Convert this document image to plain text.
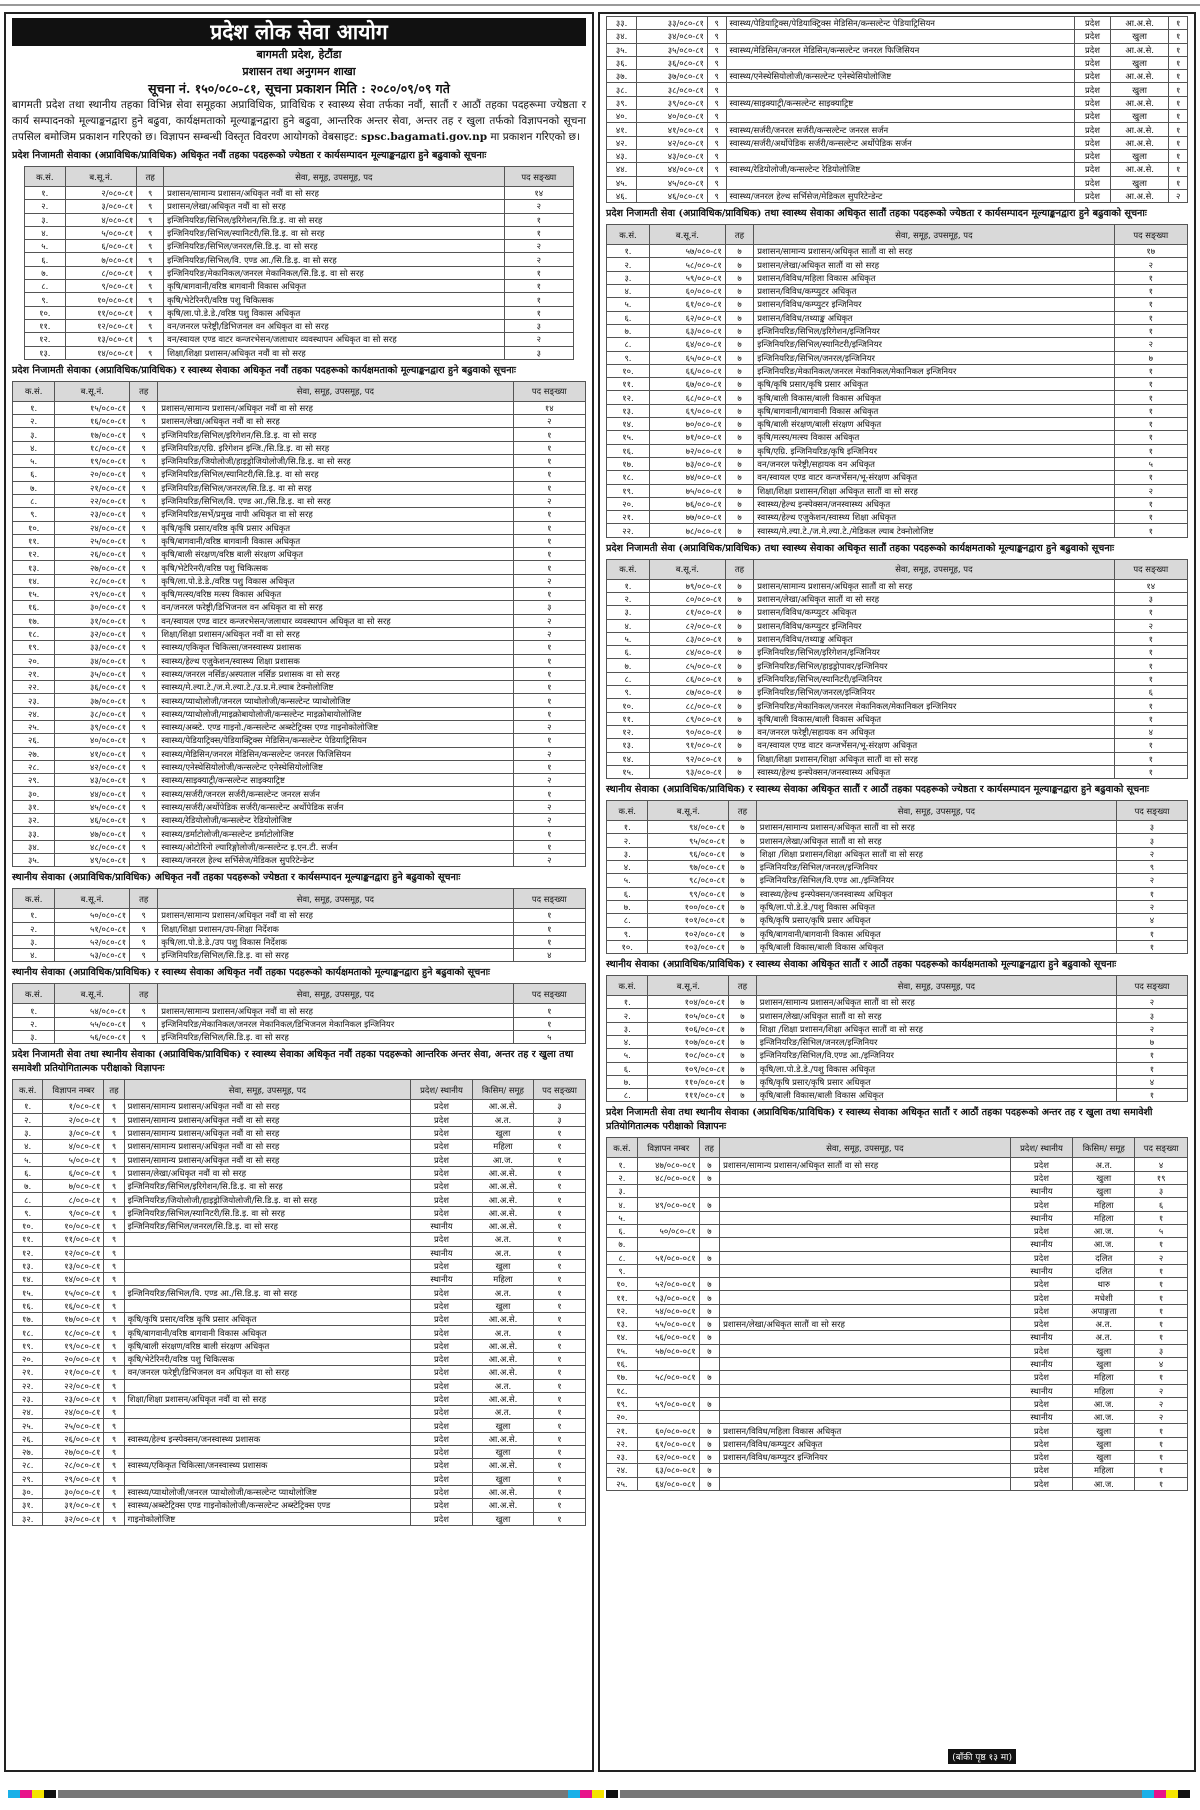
प्रदेश लोक सेवा आयोग
बागमती प्रदेश, हेटौंडा
प्रशासन तथा अनुगमन शाखा
सूचना नं. १५०/०८०-८१, सूचना प्रकाशन मिति : २०८०/०९/०९ गते

बागमती प्रदेश तथा स्थानीय तहका विभिन्न सेवा समूहका अप्राविधिक, प्राविधिक र स्वास्थ्य सेवा तर्फका नवौं, सातौं र आठौं तहका पदहरूमा ज्येष्ठता र कार्य सम्पादनको मूल्याङ्कनद्वारा हुने बढुवा, कार्यक्षमताको मूल्याङ्कनद्वारा हुने बढुवा, आन्तरिक अन्तर सेवा, अन्तर तह र खुला तर्फको विज्ञापनको सूचना तपसिल बमोजिम प्रकाशन गरिएको छ। विज्ञापन सम्बन्धी विस्तृत विवरण आयोगको वेबसाइट: spsc.bagamati.gov.np मा प्रकाशन गरिएको छ।

प्रदेश निजामती सेवाका (अप्राविधिक/प्राविधिक) अधिकृत नवौं तहका पदहरूको ज्येष्ठता र कार्यसम्पादन मूल्याङ्कनद्वारा हुने बढुवाको सूचनाः
क.सं.	ब.सू.नं.	तह	सेवा, समूह, उपसमूह, पद	पद सङ्ख्या
१.	२/०८०-८१	९	प्रशासन/सामान्य प्रशासन/अधिकृत नवौं वा सो सरह	१४
२.	३/०८०-८१	९	प्रशासन/लेखा/अधिकृत नवौं वा सो सरह	२
३.	४/०८०-८१	९	इन्जिनियरिङ/सिभिल/इरिगेशन/सि.डि.इ. वा सो सरह	१
४.	५/०८०-८१	९	इन्जिनियरिङ/सिभिल/स्यानिटरी/सि.डि.इ. वा सो सरह	१
५.	६/०८०-८१	९	इन्जिनियरिङ/सिभिल/जनरल/सि.डि.इ. वा सो सरह	२
६.	७/०८०-८१	९	इन्जिनियरिङ/सिभिल/वि. एण्ड आ./सि.डि.इ. वा सो सरह	२
७.	८/०८०-८१	९	इन्जिनियरिङ/मेकानिकल/जनरल मेकानिकल/सि.डि.इ. वा सो सरह	१
८.	९/०८०-८१	९	कृषि/बागवानी/वरिष्ठ बागवानी विकास अधिकृत	१
९.	१०/०८०-८१	९	कृषि/भेटेरिनरी/वरिष्ठ पशु चिकित्सक	१
१०.	११/०८०-८१	९	कृषि/ला.पो.डे.डे./वरिष्ठ पशु विकास अधिकृत	१
११.	१२/०८०-८१	९	वन/जनरल फरेष्ट्री/डिभिजनल वन अधिकृत वा सो सरह	३
१२.	१३/०८०-८१	९	वन/स्वायल एण्ड वाटर कन्जरभेसन/जलाधार व्यवस्थापन अधिकृत वा सो सरह	२
१३.	१४/०८०-८१	९	शिक्षा/शिक्षा प्रशासन/अधिकृत नवौं वा सो सरह	३
प्रदेश निजामती सेवाका (अप्राविधिक/प्राविधिक) र स्वास्थ्य सेवाका अधिकृत नवौं तहका पदहरूको कार्यक्षमताको मूल्याङ्कनद्वारा हुने बढुवाको सूचनाः
क.सं.	ब.सू.नं.	तह	सेवा, समूह, उपसमूह, पद	पद सङ्ख्या
१.	१५/०८०-८१	९	प्रशासन/सामान्य प्रशासन/अधिकृत नवौं वा सो सरह	१४
२.	१६/०८०-८१	९	प्रशासन/लेखा/अधिकृत नवौं वा सो सरह	२
३.	१७/०८०-८१	९	इन्जिनियरिङ/सिभिल/इरिगेशन/सि.डि.इ. वा सो सरह	१
४.	१८/०८०-८१	९	इन्जिनियरिङ/एग्रि. इरिगेशन इन्जि./सि.डि.इ. वा सो सरह	१
५.	१९/०८०-८१	९	इन्जिनियरिङ/जियोलोजी/हाइड्रोजियोलोजी/सि.डि.इ. वा सो सरह	१
६.	२०/०८०-८१	९	इन्जिनियरिङ/सिभिल/स्यानिटरी/सि.डि.इ. वा सो सरह	१
७.	२१/०८०-८१	९	इन्जिनियरिङ/सिभिल/जनरल/सि.डि.इ. वा सो सरह	१
८.	२२/०८०-८१	९	इन्जिनियरिङ/सिभिल/वि. एण्ड आ./सि.डि.इ. वा सो सरह	२
९.	२३/०८०-८१	९	इन्जिनियरिङ/सर्भे/प्रमुख नापी अधिकृत वा सो सरह	१
१०.	२४/०८०-८१	९	कृषि/कृषि प्रसार/वरिष्ठ कृषि प्रसार अधिकृत	१
११.	२५/०८०-८१	९	कृषि/बागवानी/वरिष्ठ बागवानी विकास अधिकृत	१
१२.	२६/०८०-८१	९	कृषि/बाली संरक्षण/वरिष्ठ बाली संरक्षण अधिकृत	१
१३.	२७/०८०-८१	९	कृषि/भेटेरिनरी/वरिष्ठ पशु चिकित्सक	१
१४.	२८/०८०-८१	९	कृषि/ला.पो.डे.डे./वरिष्ठ पशु विकास अधिकृत	२
१५.	२९/०८०-८१	९	कृषि/मत्स्य/वरिष्ठ मत्स्य विकास अधिकृत	१
१६.	३०/०८०-८१	९	वन/जनरल फरेष्ट्री/डिभिजनल वन अधिकृत वा सो सरह	३
१७.	३१/०८०-८१	९	वन/स्वायल एण्ड वाटर कन्जरभेसन/जलाधार व्यवस्थापन अधिकृत वा सो सरह	२
१८.	३२/०८०-८१	९	शिक्षा/शिक्षा प्रशासन/अधिकृत नवौं वा सो सरह	२
१९.	३३/०८०-८१	९	स्वास्थ्य/एकिकृत चिकित्सा/जनस्वास्थ्य प्रशासक	१
२०.	३४/०८०-८१	९	स्वास्थ्य/हेल्थ एजुकेशन/स्वास्थ्य शिक्षा प्रशासक	१
२१.	३५/०८०-८१	९	स्वास्थ्य/जनरल नर्सिङ/अस्पताल नर्सिङ प्रशासक वा सो सरह	१
२२.	३६/०८०-८१	९	स्वास्थ्य/मे.ल्या.टे./ज.मे.ल्या.टे./उ.प्र.मे.ल्याब टेक्नोलोजिष्ट	१
२३.	३७/०८०-८१	९	स्वास्थ्य/प्याथोलोजी/जनरल प्याथोलोजी/कन्सल्टेन्ट प्याथोलोजिष्ट	१
२४.	३८/०८०-८१	९	स्वास्थ्य/प्याथोलोजी/माइक्रोबायोलोजी/कन्सल्टेन्ट माइक्रोबायोलोजिष्ट	१
२५.	३९/०८०-८१	९	स्वास्थ्य/अब्स्टे. एण्ड गाइनो./कन्सल्टेन्ट अब्स्टेट्रिक्स एण्ड गाइनोकोलोजिष्ट	२
२६.	४०/०८०-८१	९	स्वास्थ्य/पेडियाट्रिक्स/पेडियाक्ट्रिक्स मेडिसिन/कन्सल्टेन्ट पेडियाट्रिसियन	१
२७.	४१/०८०-८१	९	स्वास्थ्य/मेडिसिन/जनरल मेडिसिन/कन्सल्टेन्ट जनरल फिजिसियन	२
२८.	४२/०८०-८१	९	स्वास्थ्य/एनेस्थेसियोलोजी/कन्सल्टेन्ट एनेस्थेसियोलोजिष्ट	१
२९.	४३/०८०-८१	९	स्वास्थ्य/साइक्याट्री/कन्सल्टेन्ट साइक्याट्रिष्ट	२
३०.	४४/०८०-८१	९	स्वास्थ्य/सर्जरी/जनरल सर्जरी/कन्सल्टेन्ट जनरल सर्जन	१
३१.	४५/०८०-८१	९	स्वास्थ्य/सर्जरी/अर्थोपेडिक सर्जरी/कन्सल्टेन्ट अर्थोपेडिक सर्जन	२
३२.	४६/०८०-८१	९	स्वास्थ्य/रेडियोलोजी/कन्सल्टेन्ट रेडियोलोजिष्ट	२
३३.	४७/०८०-८१	९	स्वास्थ्य/डर्माटोलोजी/कन्सल्टेन्ट डर्माटोलोजिष्ट	१
३४.	४८/०८०-८१	९	स्वास्थ्य/ओटोरिनो ल्यारिङ्गोलोजी/कन्सल्टेन्ट इ.एन.टी. सर्जन	१
३५.	४९/०८०-८१	९	स्वास्थ्य/जनरल हेल्थ सर्भिसेज/मेडिकल सुपरिटेन्डेन्ट	२
स्थानीय सेवाका (अप्राविधिक/प्राविधिक) अधिकृत नवौं तहका पदहरूको ज्येष्ठता र कार्यसम्पादन मूल्याङ्कनद्वारा हुने बढुवाको सूचनाः
क.सं.	ब.सू.नं.	तह	सेवा, समूह, उपसमूह, पद	पद सङ्ख्या
१.	५०/०८०-८१	९	प्रशासन/सामान्य प्रशासन/अधिकृत नवौं वा सो सरह	१
२.	५१/०८०-८१	९	शिक्षा/शिक्षा प्रशासन/उप-शिक्षा निर्देशक	१
३.	५२/०८०-८१	९	कृषि/ला.पो.डे.डे./उप पशु विकास निर्देशक	१
४.	५३/०८०-८१	९	इन्जिनियरिङ/सिभिल/सि.डि.इ. वा सो सरह	४
स्थानीय सेवाका (अप्राविधिक/प्राविधिक) र स्वास्थ्य सेवाका अधिकृत नवौं तहका पदहरूको कार्यक्षमताको मूल्याङ्कनद्वारा हुने बढुवाको सूचनाः
क.सं.	ब.सू.नं.	तह	सेवा, समूह, उपसमूह, पद	पद सङ्ख्या
१.	५४/०८०-८१	९	प्रशासन/सामान्य प्रशासन/अधिकृत नवौं वा सो सरह	१
२.	५५/०८०-८१	९	इन्जिनियरिङ/मेकानिकल/जनरल मेकानिकल/डिभिजनल मेकानिकल इन्जिनियर	१
३.	५६/०८०-८१	९	इन्जिनियरिङ/सिभिल/सि.डि.इ. वा सो सरह	५
प्रदेश निजामती सेवा तथा स्थानीय सेवाका (अप्राविधिक/प्राविधिक) र स्वास्थ्य सेवाका अधिकृत नवौं तहका पदहरूको आन्तरिक अन्तर सेवा, अन्तर तह र खुला तथा समावेशी प्रतियोगितात्मक परीक्षाको विज्ञापनः
क.सं.	विज्ञापन नम्बर	तह	सेवा, समूह, उपसमूह, पद	प्रदेश/ स्थानीय	किसिम/ समूह	पद सङ्ख्या
१.	१/०८०-८१	९	प्रशासन/सामान्य प्रशासन/अधिकृत नवौं वा सो सरह	प्रदेश	आ.अ.से.	३
२.	२/०८०-८१	९	प्रशासन/सामान्य प्रशासन/अधिकृत नवौं वा सो सरह	प्रदेश	अ.त.	३
३.	३/०८०-८१	९	प्रशासन/सामान्य प्रशासन/अधिकृत नवौं वा सो सरह	प्रदेश	खुला	१
४.	४/०८०-८१	९	प्रशासन/सामान्य प्रशासन/अधिकृत नवौं वा सो सरह	प्रदेश	महिला	१
५.	५/०८०-८१	९	प्रशासन/सामान्य प्रशासन/अधिकृत नवौं वा सो सरह	प्रदेश	आ.ज.	१
६.	६/०८०-८१	९	प्रशासन/लेखा/अधिकृत नवौं वा सो सरह	प्रदेश	आ.अ.से.	१
७.	७/०८०-८१	९	इन्जिनियरिङ/सिभिल/इरिगेशन/सि.डि.इ. वा सो सरह	प्रदेश	आ.अ.से.	१
८.	८/०८०-८१	९	इन्जिनियरिङ/जियोलोजी/हाइड्रोजियोलोजी/सि.डि.इ. वा सो सरह	प्रदेश	आ.अ.से.	१
९.	९/०८०-८१	९	इन्जिनियरिङ/सिभिल/स्यानिटरी/सि.डि.इ. वा सो सरह	प्रदेश	आ.अ.से.	१
१०.	१०/०८०-८१	९	इन्जिनियरिङ/सिभिल/जनरल/सि.डि.इ. वा सो सरह	स्थानीय	आ.अ.से.	१
११.	११/०८०-८१	९		प्रदेश	अ.त.	१
१२.	१२/०८०-८१	९		स्थानीय	अ.त.	१
१३.	१३/०८०-८१	९		प्रदेश	खुला	१
१४.	१४/०८०-८१	९		स्थानीय	महिला	१
१५.	१५/०८०-८१	९	इन्जिनियरिङ/सिभिल/वि. एण्ड आ./सि.डि.इ. वा सो सरह	प्रदेश	अ.त.	१
१६.	१६/०८०-८१	९		प्रदेश	खुला	१
१७.	१७/०८०-८१	९	कृषि/कृषि प्रसार/वरिष्ठ कृषि प्रसार अधिकृत	प्रदेश	आ.अ.से.	१
१८.	१८/०८०-८१	९	कृषि/बागवानी/वरिष्ठ बागवानी विकास अधिकृत	प्रदेश	अ.त.	१
१९.	१९/०८०-८१	९	कृषि/बाली संरक्षण/वरिष्ठ बाली संरक्षण अधिकृत	प्रदेश	आ.अ.से.	१
२०.	२०/०८०-८१	९	कृषि/भेटेरिनरी/वरिष्ठ पशु चिकित्सक	प्रदेश	आ.अ.से.	१
२१.	२१/०८०-८१	९	वन/जनरल फरेष्ट्री/डिभिजनल वन अधिकृत वा सो सरह	प्रदेश	आ.अ.से.	१
२२.	२२/०८०-८१	९		प्रदेश	अ.त.	१
२३.	२३/०८०-८१	९	शिक्षा/शिक्षा प्रशासन/अधिकृत नवौं वा सो सरह	प्रदेश	आ.अ.से.	१
२४.	२४/०८०-८१	९		प्रदेश	अ.त.	१
२५.	२५/०८०-८१	९		प्रदेश	खुला	१
२६.	२६/०८०-८१	९	स्वास्थ्य/हेल्थ इन्स्पेक्सन/जनस्वास्थ्य प्रशासक	प्रदेश	आ.अ.से.	१
२७.	२७/०८०-८१	९		प्रदेश	खुला	१
२८.	२८/०८०-८१	९	स्वास्थ्य/एकिकृत चिकित्सा/जनस्वास्थ्य प्रशासक	प्रदेश	आ.अ.से.	१
२९.	२९/०८०-८१	९		प्रदेश	खुला	१
३०.	३०/०८०-८१	९	स्वास्थ्य/प्याथोलोजी/जनरल प्याथोलोजी/कन्सल्टेन्ट प्याथोलोजिष्ट	प्रदेश	आ.अ.से.	१
३१.	३१/०८०-८१	९	स्वास्थ्य/अब्स्टेट्रिक्स एण्ड गाइनोकोलोजी/कन्सल्टेन्ट अब्स्टेट्रिक्स एण्ड	प्रदेश	आ.अ.से.	१
३२.	३२/०८०-८१	९	गाइनोकोलोजिष्ट	प्रदेश	खुला	१
३३.	३३/०८०-८१	९	स्वास्थ्य/पेडियाट्रिक्स/पेडियाक्ट्रिक्स मेडिसिन/कन्सल्टेन्ट पेडियाट्रिसियन	प्रदेश	आ.अ.से.	१
३४.	३४/०८०-८१	९		प्रदेश	खुला	१
३५.	३५/०८०-८१	९	स्वास्थ्य/मेडिसिन/जनरल मेडिसिन/कन्सल्टेन्ट जनरल फिजिसियन	प्रदेश	आ.अ.से.	१
३६.	३६/०८०-८१	९		प्रदेश	खुला	१
३७.	३७/०८०-८१	९	स्वास्थ्य/एनेस्थेसियोलोजी/कन्सल्टेन्ट एनेस्थेसियोलोजिष्ट	प्रदेश	आ.अ.से.	१
३८.	३८/०८०-८१	९		प्रदेश	खुला	१
३९.	३९/०८०-८१	९	स्वास्थ्य/साइक्याट्री/कन्सल्टेन्ट साइक्याट्रिष्ट	प्रदेश	आ.अ.से.	१
४०.	४०/०८०-८१	९		प्रदेश	खुला	१
४१.	४१/०८०-८१	९	स्वास्थ्य/सर्जरी/जनरल सर्जरी/कन्सल्टेन्ट जनरल सर्जन	प्रदेश	आ.अ.से.	१
४२.	४२/०८०-८१	९	स्वास्थ्य/सर्जरी/अर्थोपेडिक सर्जरी/कन्सल्टेन्ट अर्थोपेडिक सर्जन	प्रदेश	आ.अ.से.	१
४३.	४३/०८०-८१	९		प्रदेश	खुला	१
४४.	४४/०८०-८१	९	स्वास्थ्य/रेडियोलोजी/कन्सल्टेन्ट रेडियोलोजिष्ट	प्रदेश	आ.अ.से.	१
४५.	४५/०८०-८१	९		प्रदेश	खुला	१
४६.	४६/०८०-८१	९	स्वास्थ्य/जनरल हेल्थ सर्भिसेज/मेडिकल सुपरिटेन्डेन्ट	प्रदेश	आ.अ.से.	२
प्रदेश निजामती सेवा (अप्राविधिक/प्राविधिक) तथा स्वास्थ्य सेवाका अधिकृत सातौं तहका पदहरूको ज्येष्ठता र कार्यसम्पादन मूल्याङ्कनद्वारा हुने बढुवाको सूचनाः
क.सं.	ब.सू.नं.	तह	सेवा, समूह, उपसमूह, पद	पद सङ्ख्या
१.	५७/०८०-८१	७	प्रशासन/सामान्य प्रशासन/अधिकृत सातौं वा सो सरह	१७
२.	५८/०८०-८१	७	प्रशासन/लेखा/अधिकृत सातौं वा सो सरह	२
३.	५९/०८०-८१	७	प्रशासन/विविध/महिला विकास अधिकृत	१
४.	६०/०८०-८१	७	प्रशासन/विविध/कम्प्युटर अधिकृत	१
५.	६१/०८०-८१	७	प्रशासन/विविध/कम्प्युटर इन्जिनियर	१
६.	६२/०८०-८१	७	प्रशासन/विविध/तथ्याङ्क अधिकृत	१
७.	६३/०८०-८१	७	इन्जिनियरिङ/सिभिल/इरिगेशन/इन्जिनियर	१
८.	६४/०८०-८१	७	इन्जिनियरिङ/सिभिल/स्यानिटरी/इन्जिनियर	२
९.	६५/०८०-८१	७	इन्जिनियरिङ/सिभिल/जनरल/इन्जिनियर	७
१०.	६६/०८०-८१	७	इन्जिनियरिङ/मेकानिकल/जनरल मेकानिकल/मेकानिकल इन्जिनियर	१
११.	६७/०८०-८१	७	कृषि/कृषि प्रसार/कृषि प्रसार अधिकृत	१
१२.	६८/०८०-८१	७	कृषि/बाली विकास/बाली विकास अधिकृत	१
१३.	६९/०८०-८१	७	कृषि/बागवानी/बागवानी विकास अधिकृत	१
१४.	७०/०८०-८१	७	कृषि/बाली संरक्षण/बाली संरक्षण अधिकृत	१
१५.	७१/०८०-८१	७	कृषि/मत्स्य/मत्स्य विकास अधिकृत	१
१६.	७२/०८०-८१	७	कृषि/एग्रि. इन्जिनियरिङ/कृषि इन्जिनियर	१
१७.	७३/०८०-८१	७	वन/जनरल फरेष्ट्री/सहायक वन अधिकृत	५
१८.	७४/०८०-८१	७	वन/स्वायल एण्ड वाटर कन्जर्भेसन/भू-संरक्षण अधिकृत	१
१९.	७५/०८०-८१	७	शिक्षा/शिक्षा प्रशासन/शिक्षा अधिकृत सातौं वा सो सरह	२
२०.	७६/०८०-८१	७	स्वास्थ्य/हेल्थ इन्स्पेक्सन/जनस्वास्थ्य अधिकृत	१
२१.	७७/०८०-८१	७	स्वास्थ्य/हेल्थ एजुकेशन/स्वास्थ्य शिक्षा अधिकृत	१
२२.	७८/०८०-८१	७	स्वास्थ्य/मे.ल्या.टे./ज.मे.ल्या.टे./मेडिकल ल्याब टेक्नोलोजिष्ट	१
प्रदेश निजामती सेवा (अप्राविधिक/प्राविधिक) तथा स्वास्थ्य सेवाका अधिकृत सातौं तहका पदहरूको कार्यक्षमताको मूल्याङ्कनद्वारा हुने बढुवाको सूचनाः
क.सं.	ब.सू.नं.	तह	सेवा, समूह, उपसमूह, पद	पद सङ्ख्या
१.	७९/०८०-८१	७	प्रशासन/सामान्य प्रशासन/अधिकृत सातौं वा सो सरह	१४
२.	८०/०८०-८१	७	प्रशासन/लेखा/अधिकृत सातौं वा सो सरह	३
३.	८१/०८०-८१	७	प्रशासन/विविध/कम्प्युटर अधिकृत	१
४.	८२/०८०-८१	७	प्रशासन/विविध/कम्प्युटर इन्जिनियर	२
५.	८३/०८०-८१	७	प्रशासन/विविध/तथ्याङ्क अधिकृत	१
६.	८४/०८०-८१	७	इन्जिनियरिङ/सिभिल/इरिगेशन/इन्जिनियर	१
७.	८५/०८०-८१	७	इन्जिनियरिङ/सिभिल/हाइड्रोपावर/इन्जिनियर	१
८.	८६/०८०-८१	७	इन्जिनियरिङ/सिभिल/स्यानिटरी/इन्जिनियर	१
९.	८७/०८०-८१	७	इन्जिनियरिङ/सिभिल/जनरल/इन्जिनियर	६
१०.	८८/०८०-८१	७	इन्जिनियरिङ/मेकानिकल/जनरल मेकानिकल/मेकानिकल इन्जिनियर	१
११.	८९/०८०-८१	७	कृषि/बाली विकास/बाली विकास अधिकृत	१
१२.	९०/०८०-८१	७	वन/जनरल फरेष्ट्री/सहायक वन अधिकृत	४
१३.	९१/०८०-८१	७	वन/स्वायल एण्ड वाटर कन्जर्भेसन/भू-संरक्षण अधिकृत	१
१४.	९२/०८०-८१	७	शिक्षा/शिक्षा प्रशासन/शिक्षा अधिकृत सातौं वा सो सरह	१
१५.	९३/०८०-८१	७	स्वास्थ्य/हेल्थ इन्स्पेक्सन/जनस्वास्थ्य अधिकृत	१
स्थानीय सेवाका (अप्राविधिक/प्राविधिक) र स्वास्थ्य सेवाका अधिकृत सातौं र आठौं तहका पदहरूको ज्येष्ठता र कार्यसम्पादन मूल्याङ्कनद्वारा हुने बढुवाको सूचनाः
क.सं.	ब.सू.नं.	तह	सेवा, समूह, उपसमूह, पद	पद सङ्ख्या
१.	९४/०८०-८१	७	प्रशासन/सामान्य प्रशासन/अधिकृत सातौं वा सो सरह	३
२.	९५/०८०-८१	७	प्रशासन/लेखा/अधिकृत सातौं वा सो सरह	३
३.	९६/०८०-८१	७	शिक्षा /शिक्षा प्रशासन/शिक्षा अधिकृत सातौं वा सो सरह	२
४.	९७/०८०-८१	७	इन्जिनियरिङ/सिभिल/जनरल/इन्जिनियर	९
५.	९८/०८०-८१	७	इन्जिनियरिङ/सिभिल/वि.एण्ड आ./इन्जिनियर	२
६.	९९/०८०-८१	७	स्वास्थ्य/हेल्थ इन्स्पेक्सन/जनस्वास्थ्य अधिकृत	१
७.	१००/०८०-८१	७	कृषि/ला.पो.डे.डे./पशु विकास अधिकृत	२
८.	१०१/०८०-८१	७	कृषि/कृषि प्रसार/कृषि प्रसार अधिकृत	४
९.	१०२/०८०-८१	७	कृषि/बागवानी/बागवानी विकास अधिकृत	१
१०.	१०३/०८०-८१	७	कृषि/बाली विकास/बाली विकास अधिकृत	१
स्थानीय सेवाका (अप्राविधिक/प्राविधिक) र स्वास्थ्य सेवाका अधिकृत सातौं र आठौं तहका पदहरूको कार्यक्षमताको मूल्याङ्कनद्वारा हुने बढुवाको सूचनाः
क.सं.	ब.सू.नं.	तह	सेवा, समूह, उपसमूह, पद	पद सङ्ख्या
१.	१०४/०८०-८१	७	प्रशासन/सामान्य प्रशासन/अधिकृत सातौं वा सो सरह	२
२.	१०५/०८०-८१	७	प्रशासन/लेखा/अधिकृत सातौं वा सो सरह	३
३.	१०६/०८०-८१	७	शिक्षा /शिक्षा प्रशासन/शिक्षा अधिकृत सातौं वा सो सरह	२
४.	१०७/०८०-८१	७	इन्जिनियरिङ/सिभिल/जनरल/इन्जिनियर	७
५.	१०८/०८०-८१	७	इन्जिनियरिङ/सिभिल/वि.एण्ड आ./इन्जिनियर	१
६.	१०९/०८०-८१	७	कृषि/ला.पो.डे.डे./पशु विकास अधिकृत	१
७.	११०/०८०-८१	७	कृषि/कृषि प्रसार/कृषि प्रसार अधिकृत	४
८.	१११/०८०-८१	७	कृषि/बाली विकास/बाली विकास अधिकृत	१
प्रदेश निजामती सेवा तथा स्थानीय सेवाका (अप्राविधिक/प्राविधिक) र स्वास्थ्य सेवाका अधिकृत सातौं र आठौं तहका पदहरूको अन्तर तह र खुला तथा समावेशी प्रतियोगितात्मक परीक्षाको विज्ञापनः
क.सं.	विज्ञापन नम्बर	तह	सेवा, समूह, उपसमूह, पद	प्रदेश/ स्थानीय	किसिम/ समूह	पद सङ्ख्या
१.	४७/०८०-०८१	७	प्रशासन/सामान्य प्रशासन/अधिकृत सातौं वा सो सरह	प्रदेश	अ.त.	४
२.	४८/०८०-०८१	७		प्रदेश	खुला	१९
३.				स्थानीय	खुला	३
४.	४९/०८०-०८१	७		प्रदेश	महिला	६
५.				स्थानीय	महिला	१
६.	५०/०८०-८१	७		प्रदेश	आ.ज.	५
७.				स्थानीय	आ.ज.	१
८.	५१/०८०-०८१	७		प्रदेश	दलित	२
९.				स्थानीय	दलित	१
१०.	५२/०८०-०८१	७		प्रदेश	थारु	१
११.	५३/०८०-०८१	७		प्रदेश	मधेशी	१
१२.	५४/०८०-०८१	७		प्रदेश	अपाङ्गता	१
१३.	५५/०८०-०८१	७	प्रशासन/लेखा/अधिकृत सातौं वा सो सरह	प्रदेश	अ.त.	१
१४.	५६/०८०-०८१	७		स्थानीय	अ.त.	१
१५.	५७/०८०-०८१	७		प्रदेश	खुला	३
१६.				स्थानीय	खुला	४
१७.	५८/०८०-०८१	७		प्रदेश	महिला	१
१८.				स्थानीय	महिला	२
१९.	५९/०८०-०८१	७		प्रदेश	आ.ज.	२
२०.				स्थानीय	आ.ज.	२
२१.	६०/०८०-०८१	७	प्रशासन/विविध/महिला विकास अधिकृत	प्रदेश	खुला	१
२२.	६१/०८०-०८१	७	प्रशासन/विविध/कम्प्युटर अधिकृत	प्रदेश	खुला	१
२३.	६२/०८०-०८१	७	प्रशासन/विविध/कम्प्युटर इन्जिनियर	प्रदेश	खुला	१
२४.	६३/०८०-०८१	७		प्रदेश	महिला	१
२५.	६४/०८०-०८१	७		प्रदेश	आ.ज.	१
(बाँकी पृष्ठ १३ मा)
